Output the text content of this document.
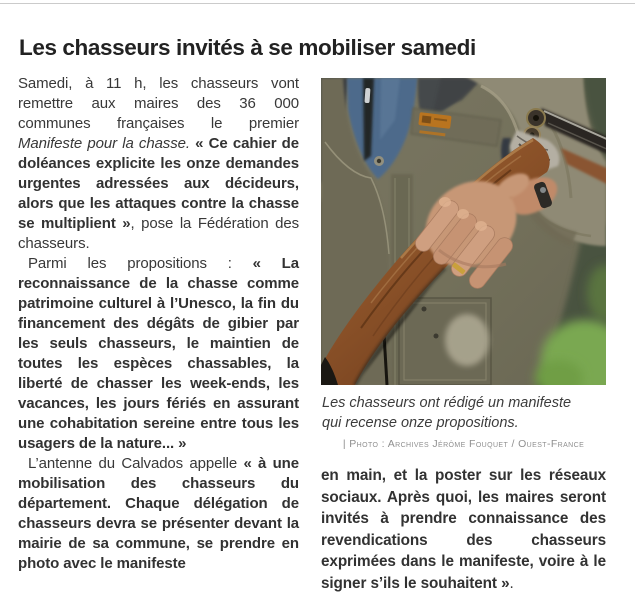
Les chasseurs invités à se mobiliser samedi

Samedi, à 11 h, les chasseurs vont remettre aux maires des 36 000 communes françaises le premier Manifeste pour la chasse. « Ce cahier de doléances explicite les onze demandes urgentes adressées aux décideurs, alors que les attaques contre la chasse se multiplient », pose la Fédération des chasseurs.

Parmi les propositions : « La reconnaissance de la chasse comme patrimoine culturel à l’Unesco, la fin du financement des dégâts de gibier par les seuls chasseurs, le maintien de toutes les espèces chassables, la liberté de chasser les week-ends, les vacances, les jours fériés en assurant une cohabitation sereine entre tous les usagers de la nature... »

L’antenne du Calvados appelle « à une mobilisation des chasseurs du département. Chaque délégation de chasseurs devra se présenter devant la mairie de sa commune, se prendre en photo avec le manifeste

Les chasseurs ont rédigé un manifeste qui recense onze propositions.
| Photo : Archives Jérôme Fouquet / Ouest-France

en main, et la poster sur les réseaux sociaux. Après quoi, les maires seront invités à prendre connaissance des revendications des chasseurs exprimées dans le manifeste, voire à le signer s’ils le souhaitent ».
